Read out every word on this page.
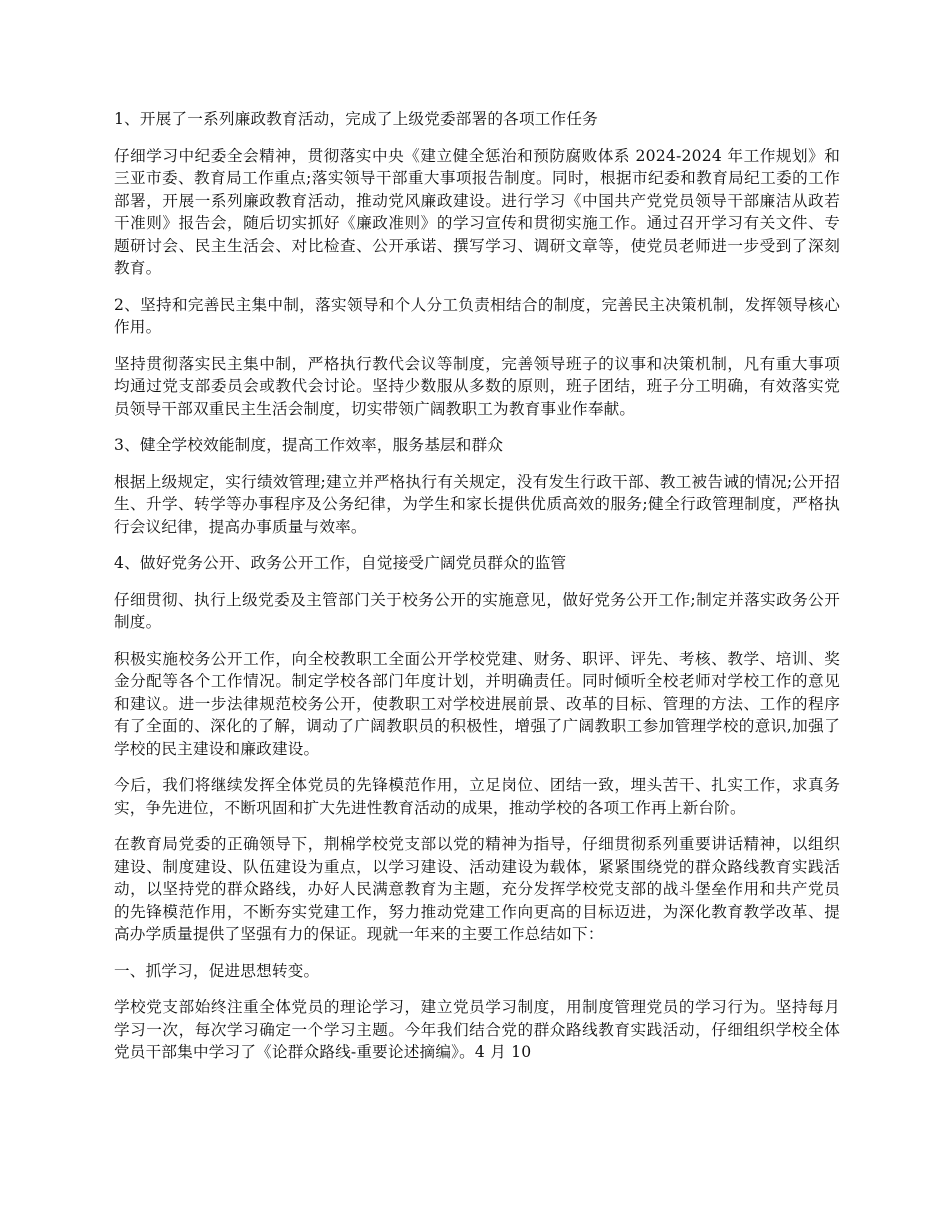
1、开展了一系列廉政教育活动，完成了上级党委部署的各项工作任务

仔细学习中纪委全会精神，贯彻落实中央《建立健全惩治和预防腐败体系 2024-2024 年工作规划》和三亚市委、教育局工作重点;落实领导干部重大事项报告制度。同时，根据市纪委和教育局纪工委的工作部署，开展一系列廉政教育活动，推动党风廉政建设。进行学习《中国共产党党员领导干部廉洁从政若干准则》报告会，随后切实抓好《廉政准则》的学习宣传和贯彻实施工作。通过召开学习有关文件、专题研讨会、民主生活会、对比检查、公开承诺、撰写学习、调研文章等，使党员老师进一步受到了深刻教育。

2、坚持和完善民主集中制，落实领导和个人分工负责相结合的制度，完善民主决策机制，发挥领导核心作用。

坚持贯彻落实民主集中制，严格执行教代会议等制度，完善领导班子的议事和决策机制，凡有重大事项均通过党支部委员会或教代会讨论。坚持少数服从多数的原则，班子团结，班子分工明确，有效落实党员领导干部双重民主生活会制度，切实带领广阔教职工为教育事业作奉献。

3、健全学校效能制度，提高工作效率，服务基层和群众

根据上级规定，实行绩效管理;建立并严格执行有关规定，没有发生行政干部、教工被告诫的情况;公开招生、升学、转学等办事程序及公务纪律，为学生和家长提供优质高效的服务;健全行政管理制度，严格执行会议纪律，提高办事质量与效率。

4、做好党务公开、政务公开工作，自觉接受广阔党员群众的监管

仔细贯彻、执行上级党委及主管部门关于校务公开的实施意见，做好党务公开工作;制定并落实政务公开制度。

积极实施校务公开工作，向全校教职工全面公开学校党建、财务、职评、评先、考核、教学、培训、奖金分配等各个工作情况。制定学校各部门年度计划，并明确责任。同时倾听全校老师对学校工作的意见和建议。进一步法律规范校务公开，使教职工对学校进展前景、改革的目标、管理的方法、工作的程序有了全面的、深化的了解，调动了广阔教职员的积极性，增强了广阔教职工参加管理学校的意识,加强了学校的民主建设和廉政建设。

今后，我们将继续发挥全体党员的先锋模范作用，立足岗位、团结一致，埋头苦干、扎实工作，求真务实，争先进位，不断巩固和扩大先进性教育活动的成果，推动学校的各项工作再上新台阶。

在教育局党委的正确领导下，荆棉学校党支部以党的精神为指导，仔细贯彻系列重要讲话精神，以组织建设、制度建设、队伍建设为重点，以学习建设、活动建设为载体，紧紧围绕党的群众路线教育实践活动，以坚持党的群众路线，办好人民满意教育为主题，充分发挥学校党支部的战斗堡垒作用和共产党员的先锋模范作用，不断夯实党建工作，努力推动党建工作向更高的目标迈进，为深化教育教学改革、提高办学质量提供了坚强有力的保证。现就一年来的主要工作总结如下：

一、抓学习，促进思想转变。

学校党支部始终注重全体党员的理论学习，建立党员学习制度，用制度管理党员的学习行为。坚持每月学习一次，每次学习确定一个学习主题。今年我们结合党的群众路线教育实践活动，仔细组织学校全体党员干部集中学习了《论群众路线-重要论述摘编》。4 月 10
